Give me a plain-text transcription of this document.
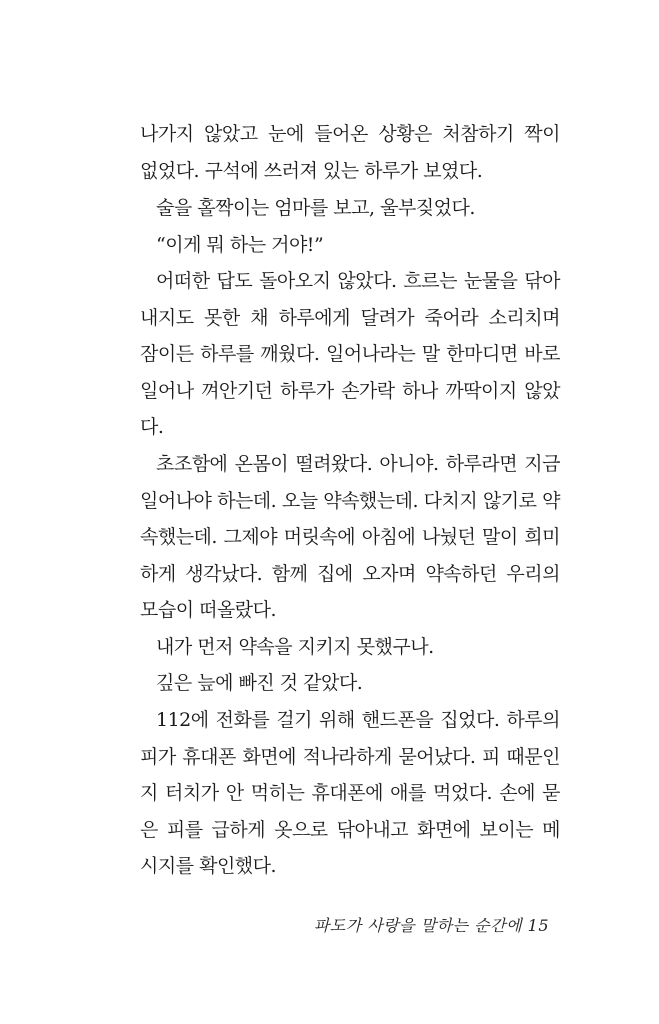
나가지 않았고 눈에 들어온 상황은 처참하기 짝이
없었다. 구석에 쓰러져 있는 하루가 보였다.
술을 홀짝이는 엄마를 보고, 울부짖었다.
“이게 뭐 하는 거야!”
어떠한 답도 돌아오지 않았다. 흐르는 눈물을 닦아
내지도 못한 채 하루에게 달려가 죽어라 소리치며
잠이든 하루를 깨웠다. 일어나라는 말 한마디면 바로
일어나 껴안기던 하루가 손가락 하나 까딱이지 않았
다.
초조함에 온몸이 떨려왔다. 아니야. 하루라면 지금
일어나야 하는데. 오늘 약속했는데. 다치지 않기로 약
속했는데. 그제야 머릿속에 아침에 나눴던 말이 희미
하게 생각났다. 함께 집에 오자며 약속하던 우리의
모습이 떠올랐다.
내가 먼저 약속을 지키지 못했구나.
깊은 늪에 빠진 것 같았다.
112에 전화를 걸기 위해 핸드폰을 집었다. 하루의
피가 휴대폰 화면에 적나라하게 묻어났다. 피 때문인
지 터치가 안 먹히는 휴대폰에 애를 먹었다. 손에 묻
은 피를 급하게 옷으로 닦아내고 화면에 보이는 메
시지를 확인했다.
파도가 사랑을 말하는 순간에 15
